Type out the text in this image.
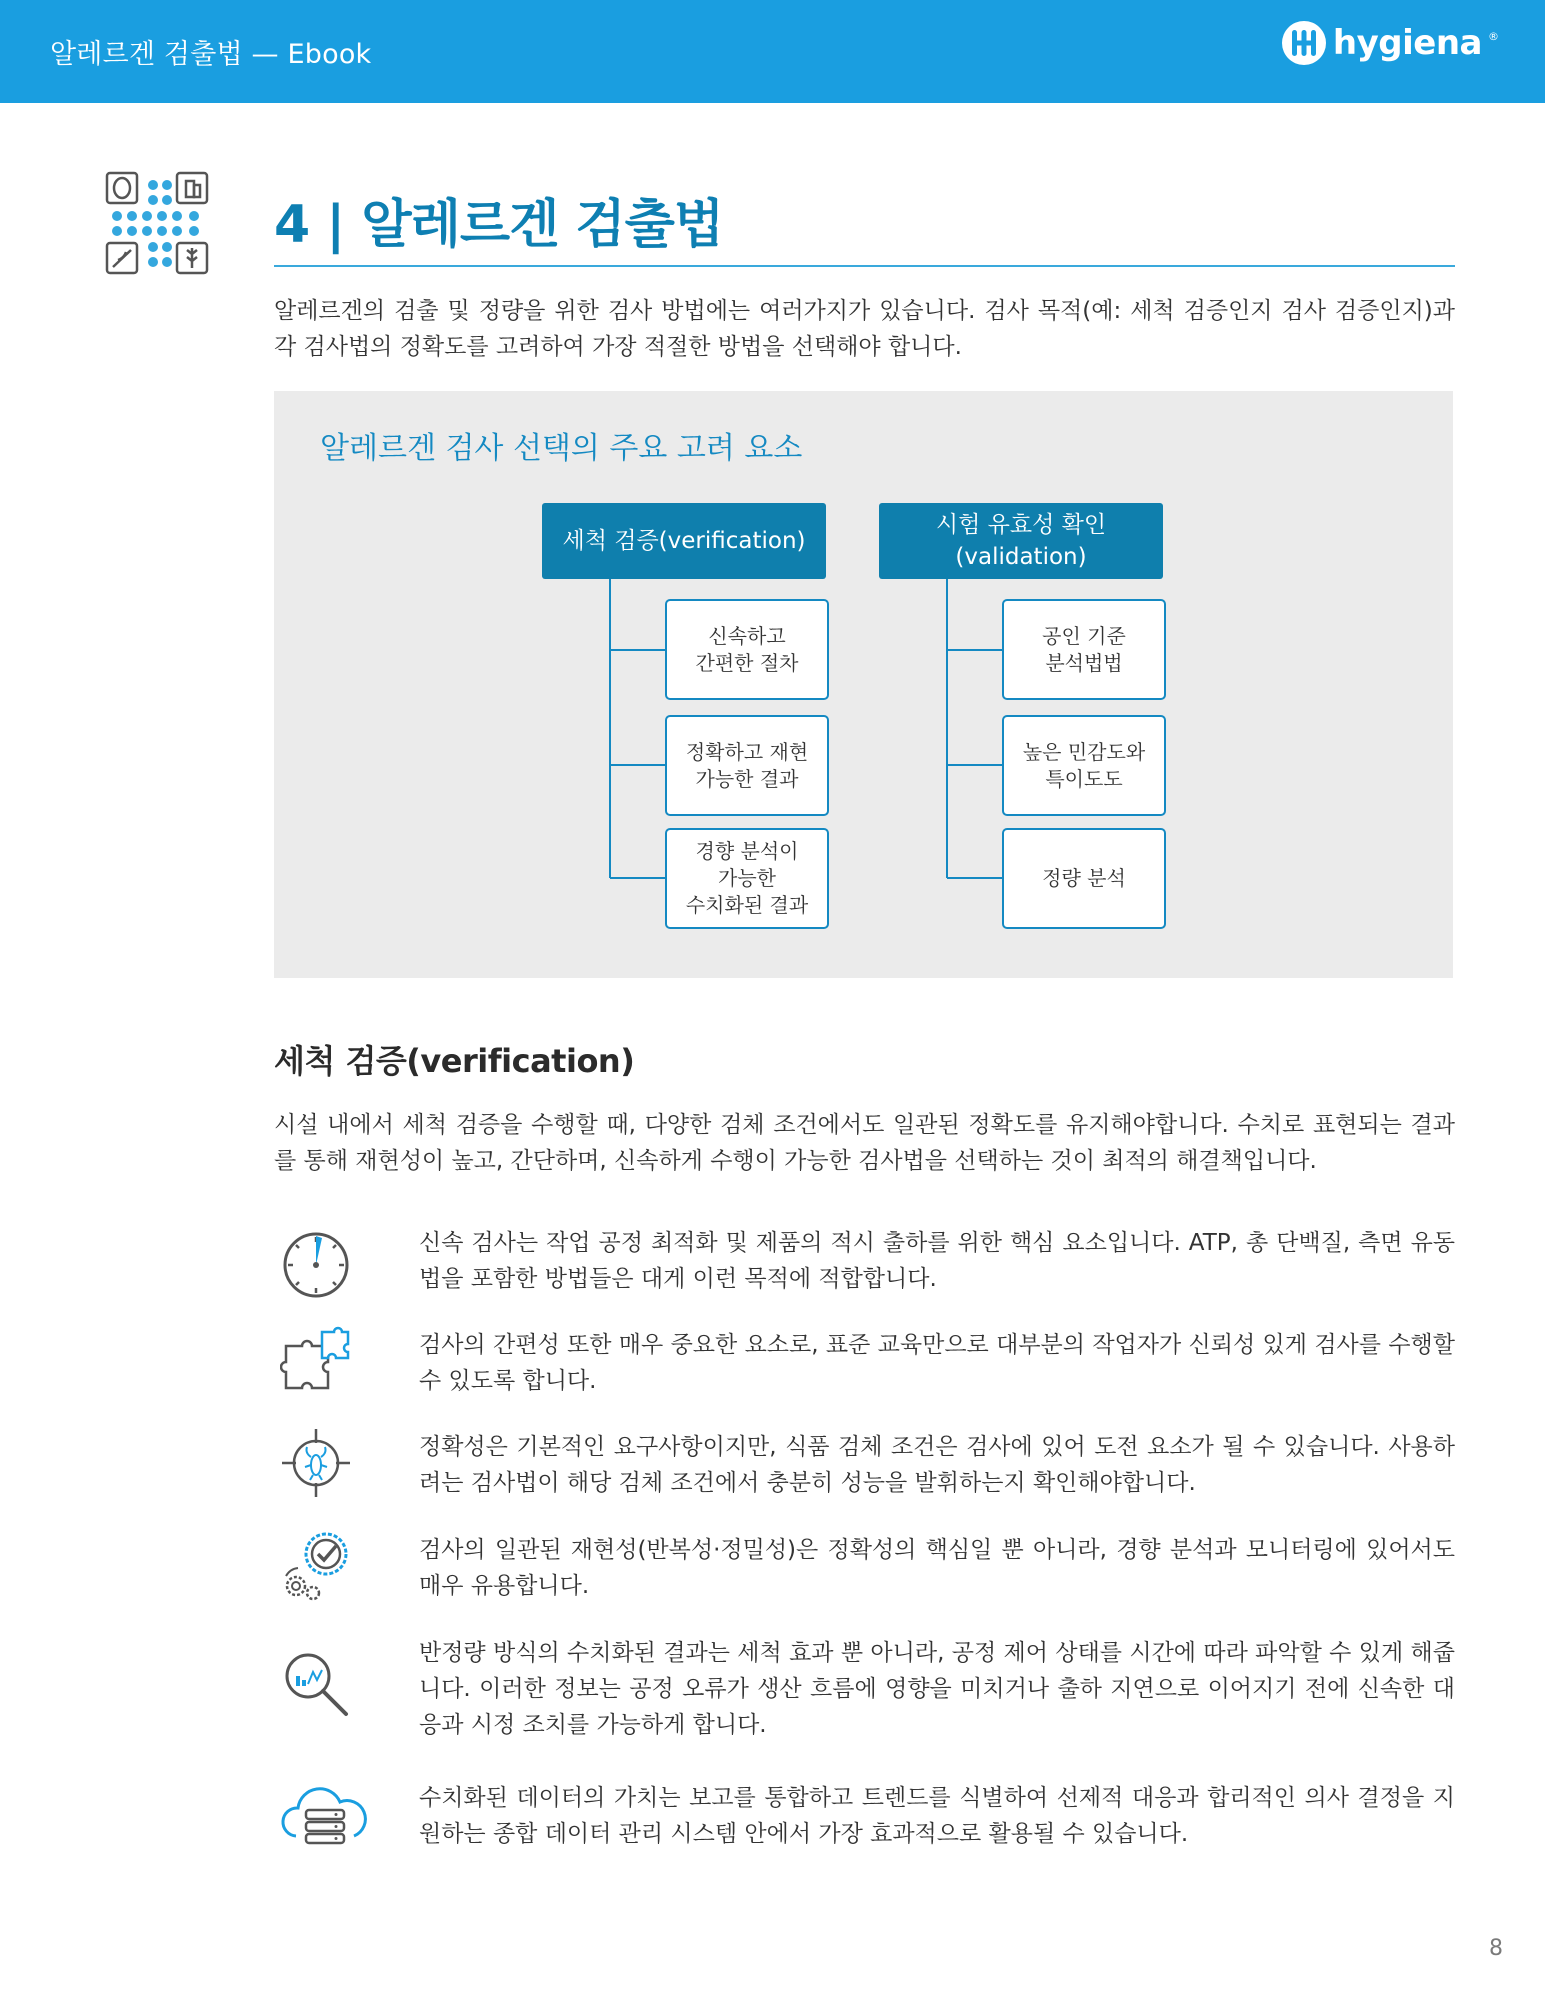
알레르겐 검출법 — Ebook	hygiena ®
4 | 알레르겐 검출법

알레르겐의 검출 및 정량을 위한 검사 방법에는 여러가지가 있습니다. 검사 목적(예: 세척 검증인지 검사 검증인지)과 각 검사법의 정확도를 고려하여 가장 적절한 방법을 선택해야 합니다.

알레르겐 검사 선택의 주요 고려 요소
세척 검증(verification)
시험 유효성 확인
(validation)
신속하고
간편한 절차
정확하고 재현
가능한 결과
경향 분석이
가능한
수치화된 결과
공인 기준
분석법법
높은 민감도와
특이도도
정량 분석
세척 검증(verification)

시설 내에서 세척 검증을 수행할 때, 다양한 검체 조건에서도 일관된 정확도를 유지해야합니다. 수치로 표현되는 결과를 통해 재현성이 높고, 간단하며, 신속하게 수행이 가능한 검사법을 선택하는 것이 최적의 해결책입니다.

신속 검사는 작업 공정 최적화 및 제품의 적시 출하를 위한 핵심 요소입니다. ATP, 총 단백질, 측면 유동법을 포함한 방법들은 대게 이런 목적에 적합합니다.

검사의 간편성 또한 매우 중요한 요소로, 표준 교육만으로 대부분의 작업자가 신뢰성 있게 검사를 수행할 수 있도록 합니다.

정확성은 기본적인 요구사항이지만, 식품 검체 조건은 검사에 있어 도전 요소가 될 수 있습니다. 사용하려는 검사법이 해당 검체 조건에서 충분히 성능을 발휘하는지 확인해야합니다.

검사의 일관된 재현성(반복성·정밀성)은 정확성의 핵심일 뿐 아니라, 경향 분석과 모니터링에 있어서도 매우 유용합니다.

반정량 방식의 수치화된 결과는 세척 효과 뿐 아니라, 공정 제어 상태를 시간에 따라 파악할 수 있게 해줍니다. 이러한 정보는 공정 오류가 생산 흐름에 영향을 미치거나 출하 지연으로 이어지기 전에 신속한 대응과 시정 조치를 가능하게 합니다.

수치화된 데이터의 가치는 보고를 통합하고 트렌드를 식별하여 선제적 대응과 합리적인 의사 결정을 지원하는 종합 데이터 관리 시스템 안에서 가장 효과적으로 활용될 수 있습니다.

8
